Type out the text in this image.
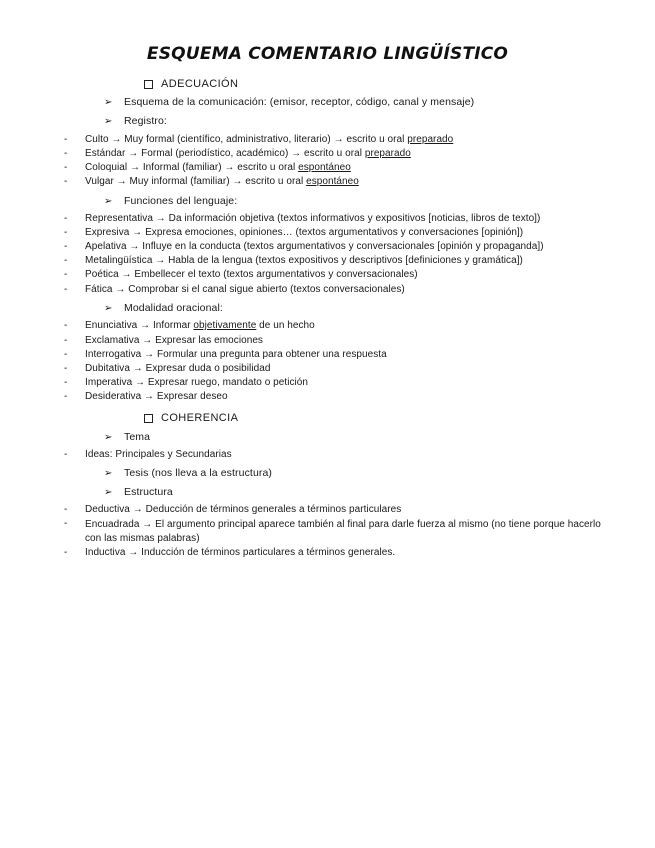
ESQUEMA COMENTARIO LINGÜÍSTICO
ADECUACIÓN
➢ Esquema de la comunicación: (emisor, receptor, código, canal y mensaje)
➢ Registro:
- Culto → Muy formal (científico, administrativo, literario) → escrito u oral preparado
- Estándar → Formal (periodístico, académico) → escrito u oral preparado
- Coloquial → Informal (familiar) → escrito u oral espontáneo
- Vulgar → Muy informal (familiar) → escrito u oral espontáneo
➢ Funciones del lenguaje:
- Representativa → Da información objetiva (textos informativos y expositivos [noticias, libros de texto])
- Expresiva → Expresa emociones, opiniones… (textos argumentativos y conversaciones [opinión])
- Apelativa → Influye en la conducta (textos argumentativos y conversacionales [opinión y propaganda])
- Metalingüística → Habla de la lengua (textos expositivos y descriptivos [definiciones y gramática])
- Poética → Embellecer el texto (textos argumentativos y conversacionales)
- Fática → Comprobar si el canal sigue abierto (textos conversacionales)
➢ Modalidad oracional:
- Enunciativa → Informar objetivamente de un hecho
- Exclamativa → Expresar las emociones
- Interrogativa → Formular una pregunta para obtener una respuesta
- Dubitativa → Expresar duda o posibilidad
- Imperativa → Expresar ruego, mandato o petición
- Desiderativa → Expresar deseo
COHERENCIA
➢ Tema
- Ideas: Principales y Secundarias
➢ Tesis (nos lleva a la estructura)
➢ Estructura
- Deductiva → Deducción de términos generales a términos particulares
- Encuadrada → El argumento principal aparece también al final para darle fuerza al mismo (no tiene porque hacerlo con las mismas palabras)
- Inductiva → Inducción de términos particulares a términos generales.
